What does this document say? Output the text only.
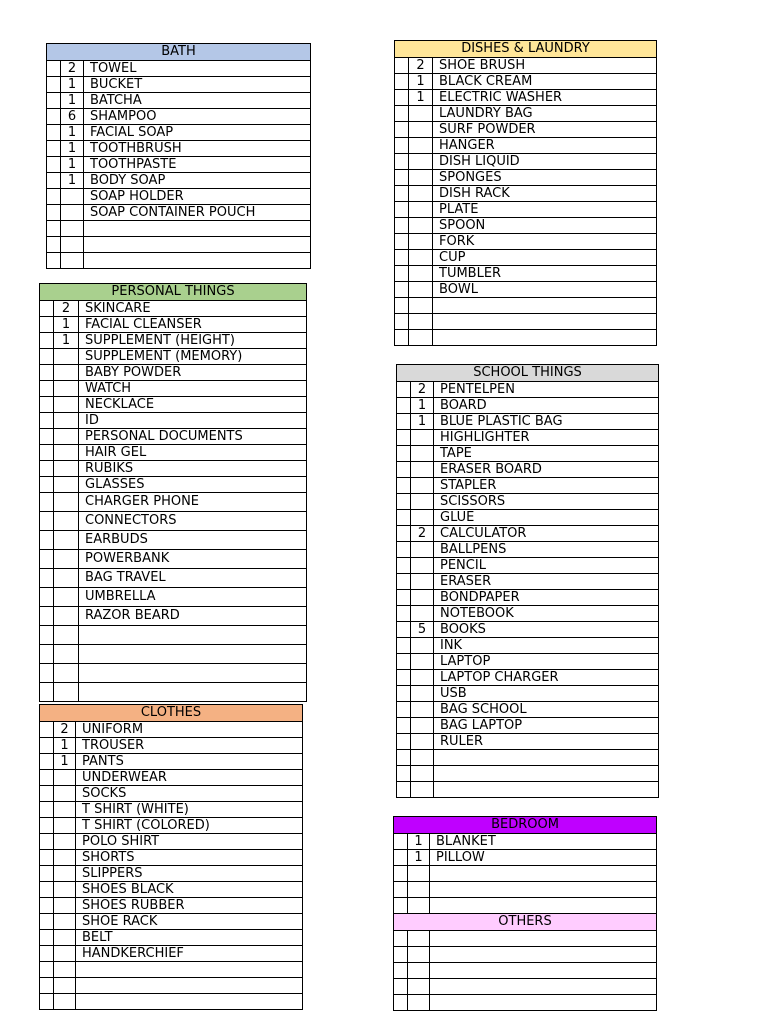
BATH		
	2	TOWEL
	1	BUCKET
	1	BATCHA
	6	SHAMPOO
	1	FACIAL SOAP
	1	TOOTHBRUSH
	1	TOOTHPASTE
	1	BODY SOAP
		SOAP HOLDER
		SOAP CONTAINER POUCH

PERSONAL THINGS		
	2	SKINCARE
	1	FACIAL CLEANSER
	1	SUPPLEMENT (HEIGHT)
		SUPPLEMENT (MEMORY)
		BABY POWDER
		WATCH
		NECKLACE
		ID
		PERSONAL DOCUMENTS
		HAIR GEL
		RUBIKS
		GLASSES
		CHARGER PHONE
		CONNECTORS
		EARBUDS
		POWERBANK
		BAG TRAVEL
		UMBRELLA
		RAZOR BEARD

CLOTHES		
	2	UNIFORM
	1	TROUSER
	1	PANTS
		UNDERWEAR
		SOCKS
		T SHIRT (WHITE)
		T SHIRT (COLORED)
		POLO SHIRT
		SHORTS
		SLIPPERS
		SHOES BLACK
		SHOES RUBBER
		SHOE RACK
		BELT
		HANDKERCHIEF

DISHES & LAUNDRY		
	2	SHOE BRUSH
	1	BLACK CREAM
	1	ELECTRIC WASHER
		LAUNDRY BAG
		SURF POWDER
		HANGER
		DISH LIQUID
		SPONGES
		DISH RACK
		PLATE
		SPOON
		FORK
		CUP
		TUMBLER
		BOWL

SCHOOL THINGS		
	2	PENTELPEN
	1	BOARD
	1	BLUE PLASTIC BAG
		HIGHLIGHTER
		TAPE
		ERASER BOARD
		STAPLER
		SCISSORS
		GLUE
	2	CALCULATOR
		BALLPENS
		PENCIL
		ERASER
		BONDPAPER
		NOTEBOOK
	5	BOOKS
		INK
		LAPTOP
		LAPTOP CHARGER
		USB
		BAG SCHOOL
		BAG LAPTOP
		RULER

BEDROOM		
	1	BLANKET
	1	PILLOW

OTHERS		
